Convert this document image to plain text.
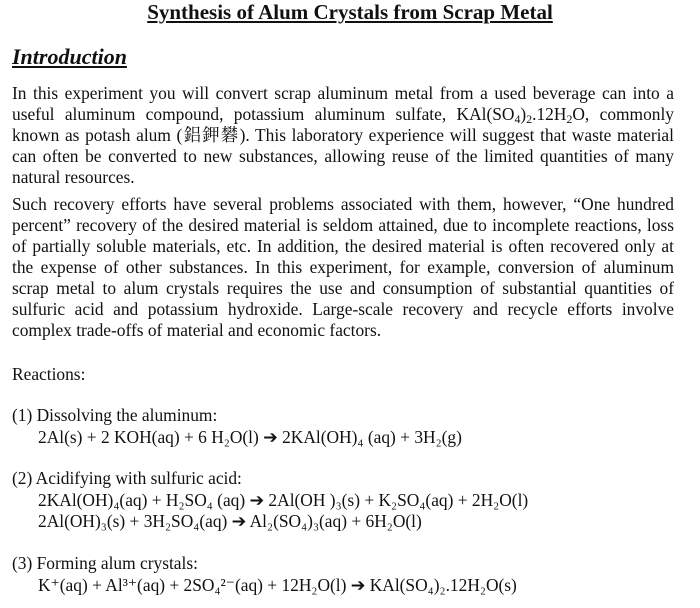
Synthesis of Alum Crystals from Scrap Metal
Introduction
In this experiment you will convert scrap aluminum metal from a used beverage can into a useful aluminum compound, potassium aluminum sulfate, $KAl(SO_4)_2.12H_2O$, commonly known as potash alum (鋁鉀礬). This laboratory experience will suggest that waste material can often be converted to new substances, allowing reuse of the limited quantities of many natural resources.
Such recovery efforts have several problems associated with them, however, “One hundred percent” recovery of the desired material is seldom attained, due to incomplete reactions, loss of partially soluble materials, etc. In addition, the desired material is often recovered only at the expense of other substances. In this experiment, for example, conversion of aluminum scrap metal to alum crystals requires the use and consumption of substantial quantities of sulfuric acid and potassium hydroxide. Large-scale recovery and recycle efforts involve complex trade-offs of material and economic factors.
Reactions:
(1) Dissolving the aluminum:
2Al(s) + 2 KOH(aq) + 6 H₂O(l) ➔ 2KAl(OH)₄ (aq) + 3H₂(g)
(2) Acidifying with sulfuric acid:
2KAl(OH)₄(aq) + H₂SO₄ (aq) ➔ 2Al(OH )₃(s) + K₂SO₄(aq) + 2H₂O(l)
2Al(OH)₃(s) + 3H₂SO₄(aq) ➔ Al₂(SO₄)₃(aq) + 6H₂O(l)
(3) Forming alum crystals:
K⁺(aq) + Al³⁺(aq) + 2SO₄²⁻(aq) + 12H₂O(l) ➔ KAl(SO₄)₂.12H₂O(s)
